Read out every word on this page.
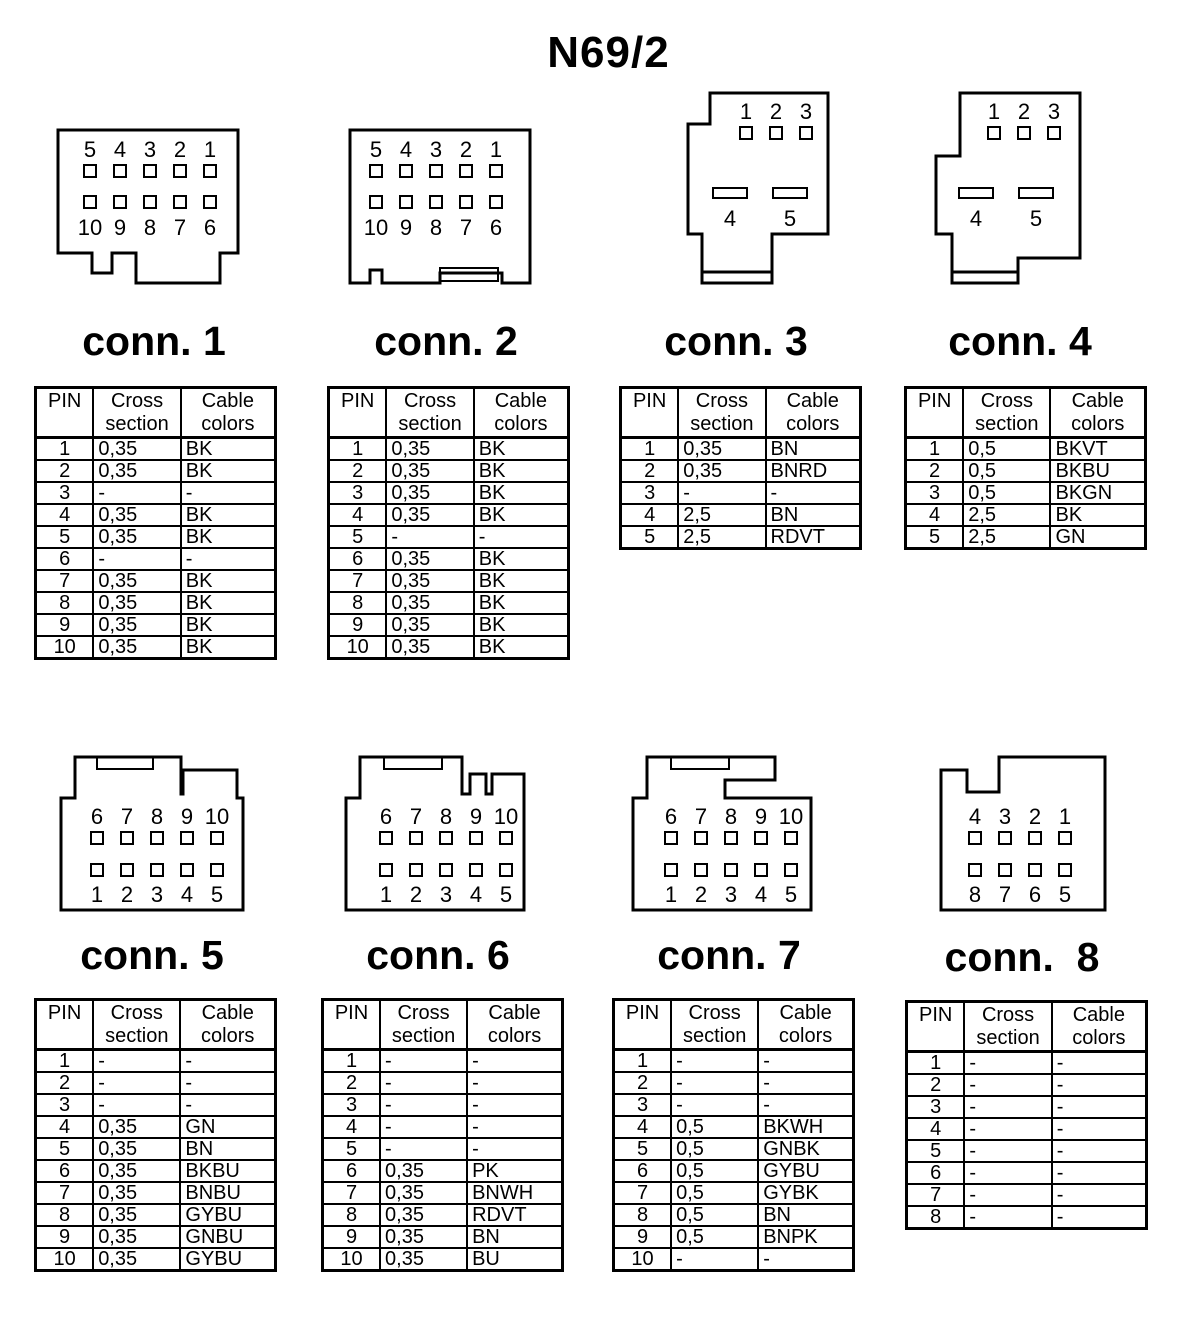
N69/2
5 4 3 2 1
10 9 8 7 6
5 4 3 2 1
10 9 8 7 6
1 2 3
4 5
1 2 3
4 5
6 7 8 9 10
1 2 3 4 5
6 7 8 9 10
1 2 3 4 5
6 7 8 9 10
1 2 3 4 5
4 3 2 1
8 7 6 5
conn. 1	conn. 2	conn. 3	conn. 4
conn. 5	conn. 6	conn. 7	conn.  8
PIN	Cross section	Cable colors
1	0,35	BK
2	0,35	BK
3	-	-
4	0,35	BK
5	0,35	BK
6	-	-
7	0,35	BK
8	0,35	BK
9	0,35	BK
10	0,35	BK
PIN	Cross section	Cable colors
1	0,35	BK
2	0,35	BK
3	0,35	BK
4	0,35	BK
5	-	-
6	0,35	BK
7	0,35	BK
8	0,35	BK
9	0,35	BK
10	0,35	BK
PIN	Cross section	Cable colors
1	0,35	BN
2	0,35	BNRD
3	-	-
4	2,5	BN
5	2,5	RDVT
PIN	Cross section	Cable colors
1	0,5	BKVT
2	0,5	BKBU
3	0,5	BKGN
4	2,5	BK
5	2,5	GN
PIN	Cross section	Cable colors
1	-	-
2	-	-
3	-	-
4	0,35	GN
5	0,35	BN
6	0,35	BKBU
7	0,35	BNBU
8	0,35	GYBU
9	0,35	GNBU
10	0,35	GYBU
PIN	Cross section	Cable colors
1	-	-
2	-	-
3	-	-
4	-	-
5	-	-
6	0,35	PK
7	0,35	BNWH
8	0,35	RDVT
9	0,35	BN
10	0,35	BU
PIN	Cross section	Cable colors
1	-	-
2	-	-
3	-	-
4	0,5	BKWH
5	0,5	GNBK
6	0,5	GYBU
7	0,5	GYBK
8	0,5	BN
9	0,5	BNPK
10	-	-
PIN	Cross section	Cable colors
1	-	-
2	-	-
3	-	-
4	-	-
5	-	-
6	-	-
7	-	-
8	-	-
